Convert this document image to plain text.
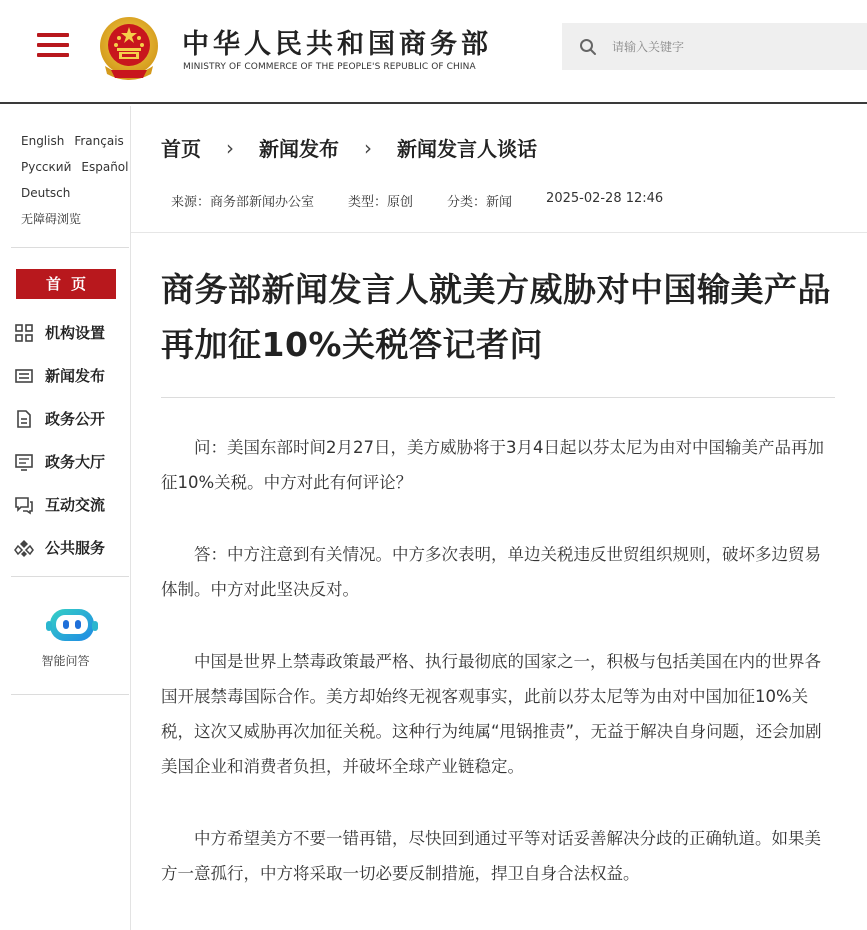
中华人民共和国商务部
MINISTRY OF COMMERCE OF THE PEOPLE'S REPUBLIC OF CHINA
请输入关键字
English Français
Русский Español
Deutsch
无障碍浏览
首页
机构设置
新闻发布
政务公开
政务大厅
互动交流
公共服务
智能问答
首页 › 新闻发布 › 新闻发言人谈话
来源：商务部新闻办公室	类型：原创	分类：新闻	2025-02-28 12:46
商务部新闻发言人就美方威胁对中国输美产品再加征10%关税答记者问

问：美国东部时间2月27日，美方威胁将于3月4日起以芬太尼为由对中国输美产品再加征10%关税。中方对此有何评论？

答：中方注意到有关情况。中方多次表明，单边关税违反世贸组织规则，破坏多边贸易体制。中方对此坚决反对。

中国是世界上禁毒政策最严格、执行最彻底的国家之一，积极与包括美国在内的世界各国开展禁毒国际合作。美方却始终无视客观事实，此前以芬太尼等为由对中国加征10%关税，这次又威胁再次加征关税。这种行为纯属“甩锅推责”，无益于解决自身问题，还会加剧美国企业和消费者负担，并破坏全球产业链稳定。

中方希望美方不要一错再错，尽快回到通过平等对话妥善解决分歧的正确轨道。如果美方一意孤行，中方将采取一切必要反制措施，捍卫自身合法权益。
